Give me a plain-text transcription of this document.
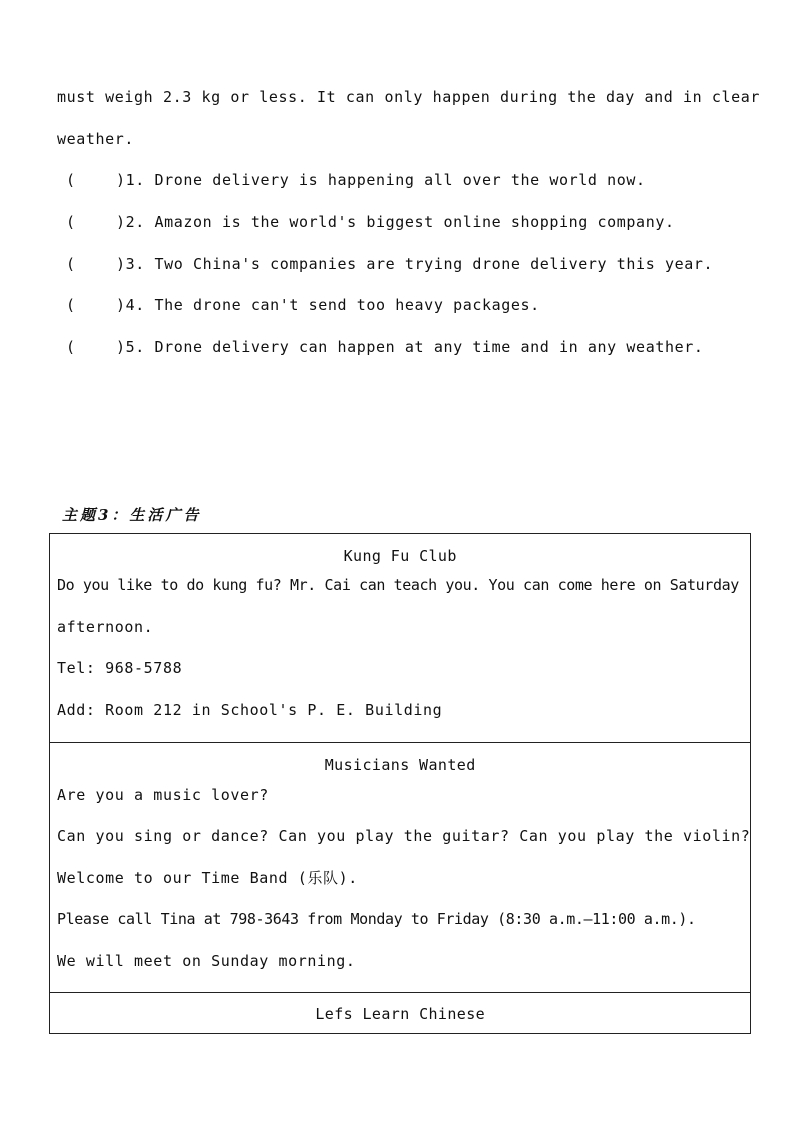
must weigh 2.3 kg or less. It can only happen during the day and in clear
weather.
(	)1. Drone delivery is happening all over the world now.
(	)2. Amazon is the world's biggest online shopping company.
(	)3. Two China's companies are trying drone delivery this year.
(	)4. The drone can't send too heavy packages.
(	)5. Drone delivery can happen at any time and in any weather.
主题3：生活广告
Kung Fu Club
Do you like to do kung fu? Mr. Cai can teach you. You can come here on Saturday
afternoon.
Tel: 968-5788
Add: Room 212 in School's P. E. Building

Musicians Wanted
Are you a music lover?
Can you sing or dance? Can you play the guitar? Can you play the violin?
Welcome to our Time Band (乐队).
Please call Tina at 798-3643 from Monday to Friday (8:30 a.m.—11:00 a.m.).
We will meet on Sunday morning.

Lefs Learn Chinese
